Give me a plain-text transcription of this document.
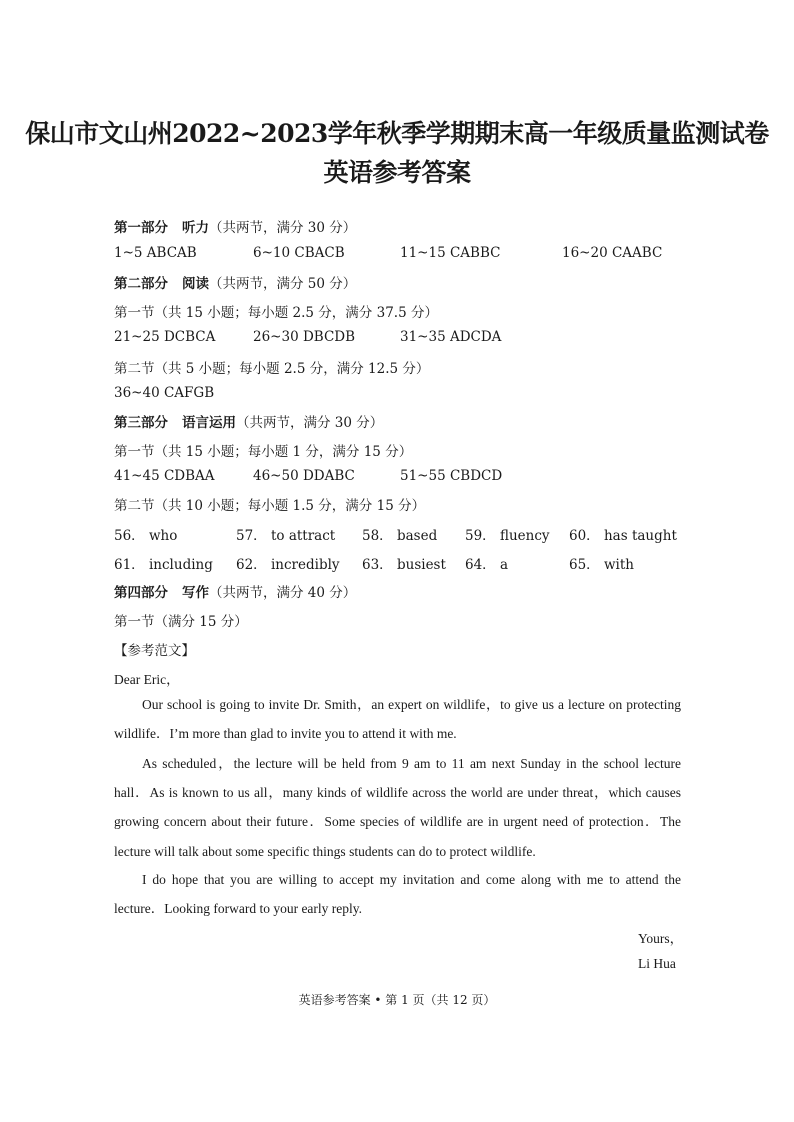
保山市文山州2022~2023学年秋季学期期末高一年级质量监测试卷
英语参考答案
第一部分 听力（共两节，满分 30 分）
1~5 ABCAB	6~10 CBACB	11~15 CABBC	16~20 CAABC
第二部分 阅读（共两节，满分 50 分）
第一节（共 15 小题；每小题 2.5 分，满分 37.5 分）
21~25 DCBCA	26~30 DBCDB	31~35 ADCDA
第二节（共 5 小题；每小题 2.5 分，满分 12.5 分）
36~40 CAFGB
第三部分 语言运用（共两节，满分 30 分）
第一节（共 15 小题；每小题 1 分，满分 15 分）
41~45 CDBAA	46~50 DDABC	51~55 CBDCD
第二节（共 10 小题；每小题 1.5 分，满分 15 分）
56． who	57． to attract 58． based 59． fluency 60． has taught
61． including 62． incredibly 63． busiest 64． a	65． with
第四部分 写作（共两节，满分 40 分）
第一节（满分 15 分）
【参考范文】
Dear Eric，
Our school is going to invite Dr. Smith，an expert on wildlife，to give us a lecture on protecting wildlife．I’m more than glad to invite you to attend it with me.
As scheduled，the lecture will be held from 9 am to 11 am next Sunday in the school lecture hall．As is known to us all，many kinds of wildlife across the world are under threat，which causes growing concern about their future．Some species of wildlife are in urgent need of protection．The lecture will talk about some specific things students can do to protect wildlife.
I do hope that you are willing to accept my invitation and come along with me to attend the lecture．Looking forward to your early reply.
Yours，
Li Hua
英语参考答案 • 第 1 页（共 12 页）
